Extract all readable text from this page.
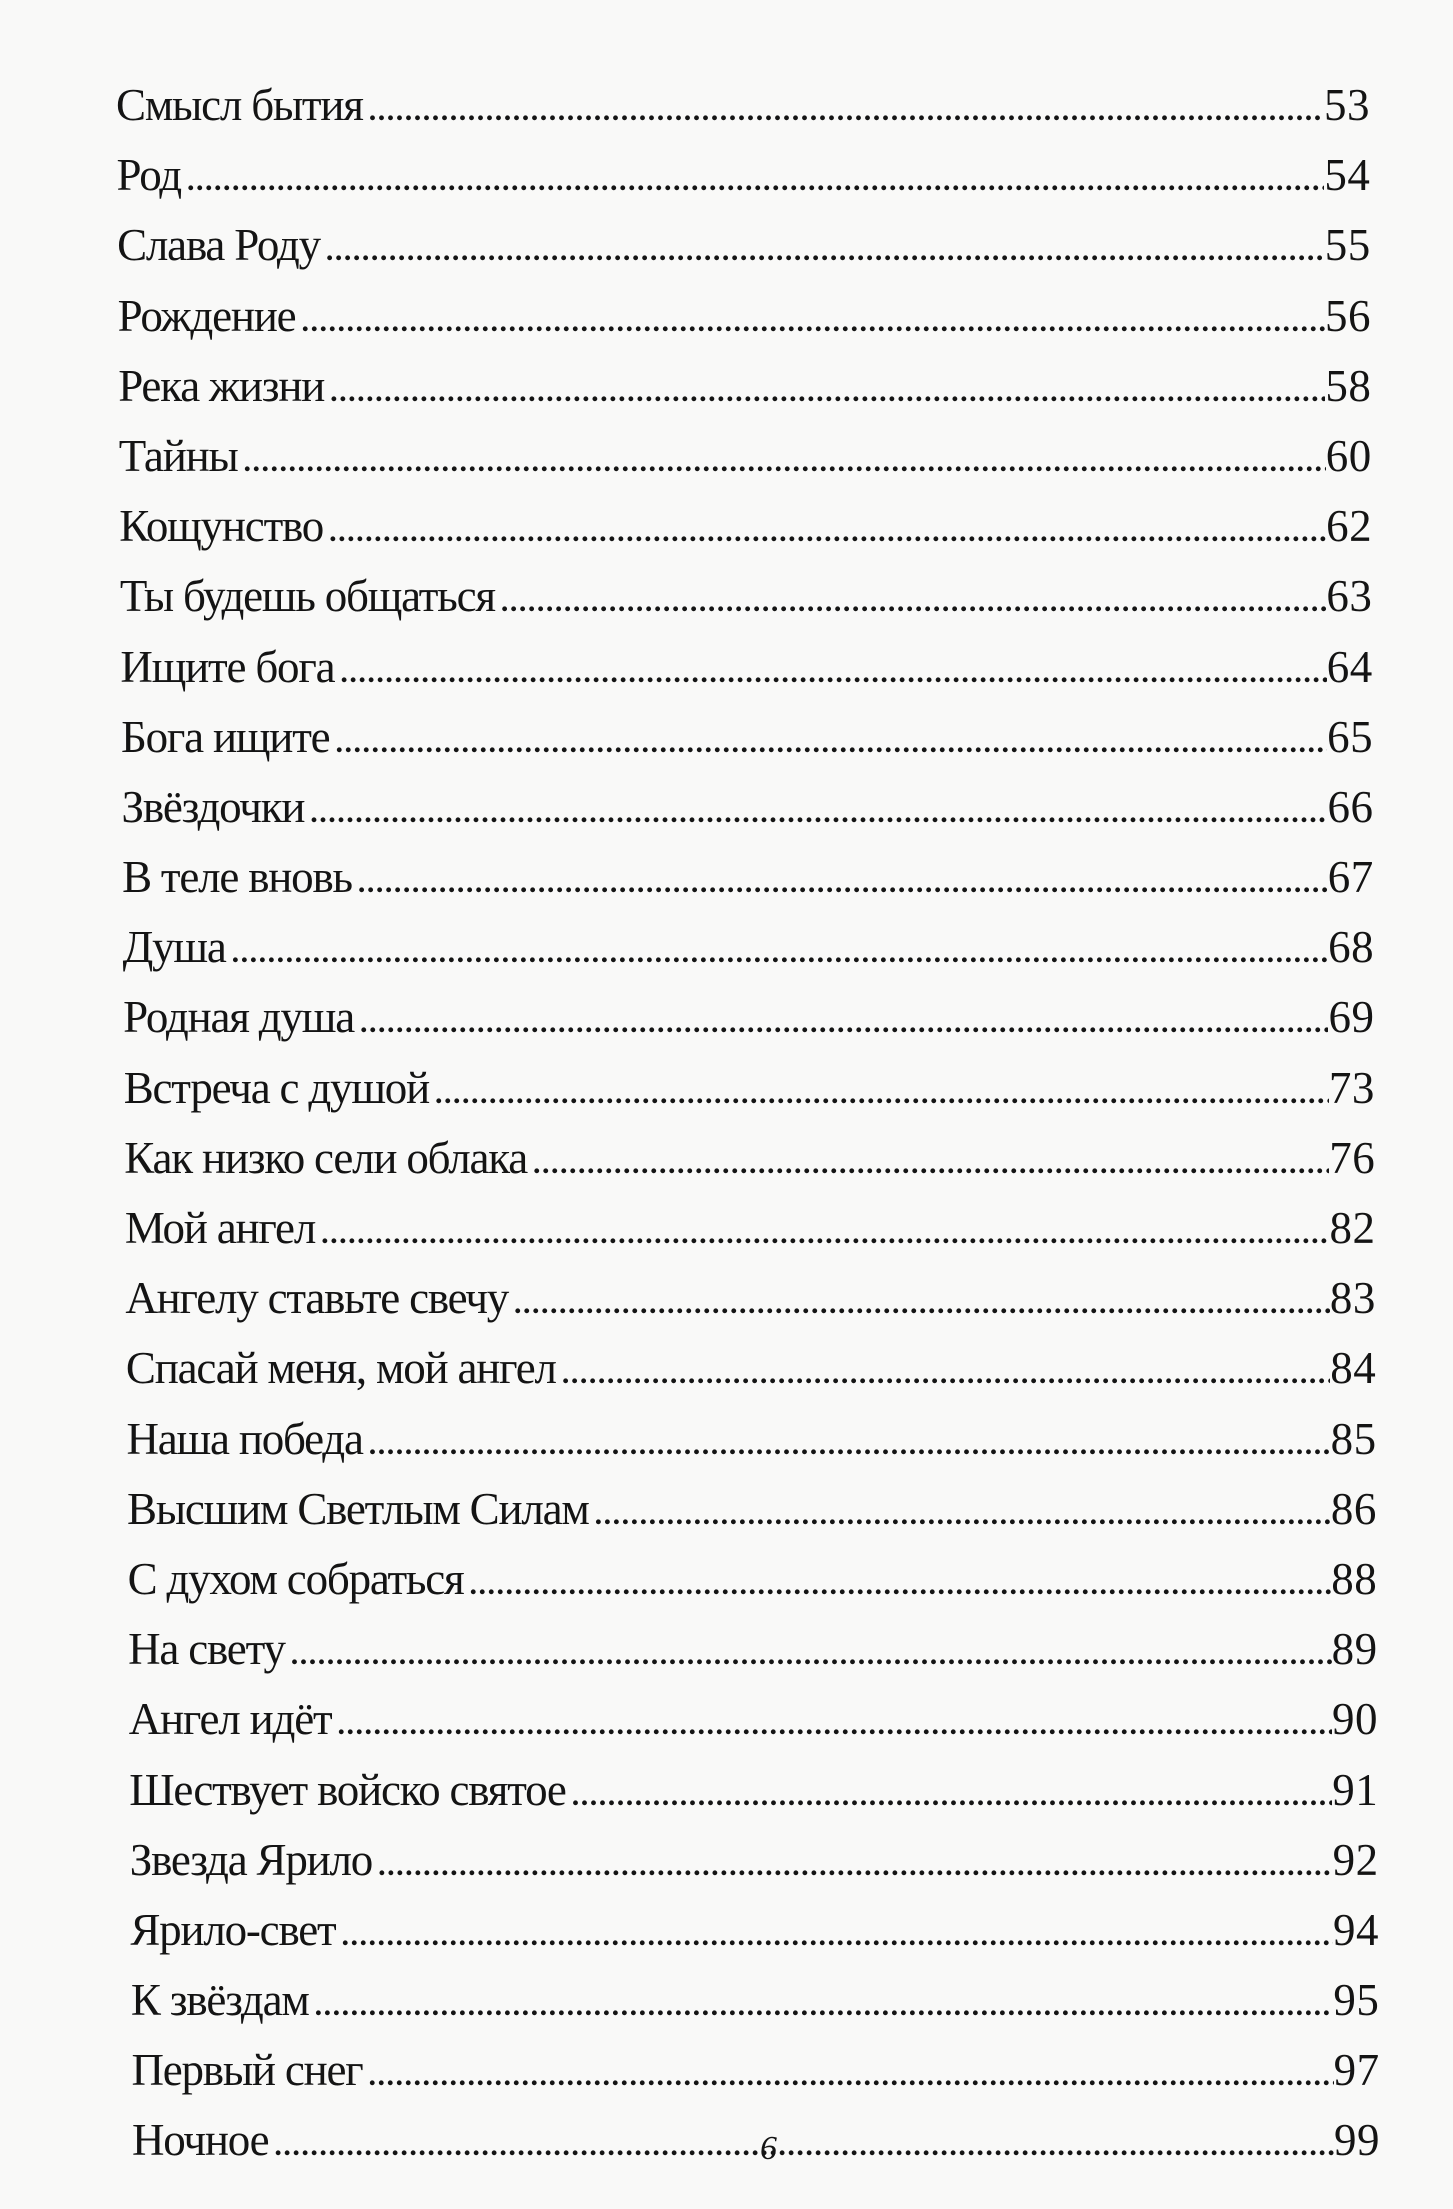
Смысл бытия .....	53
Род .....	54
Слава Роду .....	55
Рождение .....	56
Река жизни .....	58
Тайны .....	60
Кощунство .....	62
Ты будешь общаться .....	63
Ищите бога .....	64
Бога ищите .....	65
Звёздочки .....	66
В теле вновь .....	67
Душа .....	68
Родная душа .....	69
Встреча с душой .....	73
Как низко сели облака .....	76
Мой ангел .....	82
Ангелу ставьте свечу .....	83
Спасай меня, мой ангел .....	84
Наша победа .....	85
Высшим Светлым Силам .....	86
С духом собраться .....	88
На свету .....	89
Ангел идёт .....	90
Шествует войско святое .....	91
Звезда Ярило .....	92
Ярило-свет .....	94
К звёздам .....	95
Первый снег .....	97
Ночное .....	99
6
